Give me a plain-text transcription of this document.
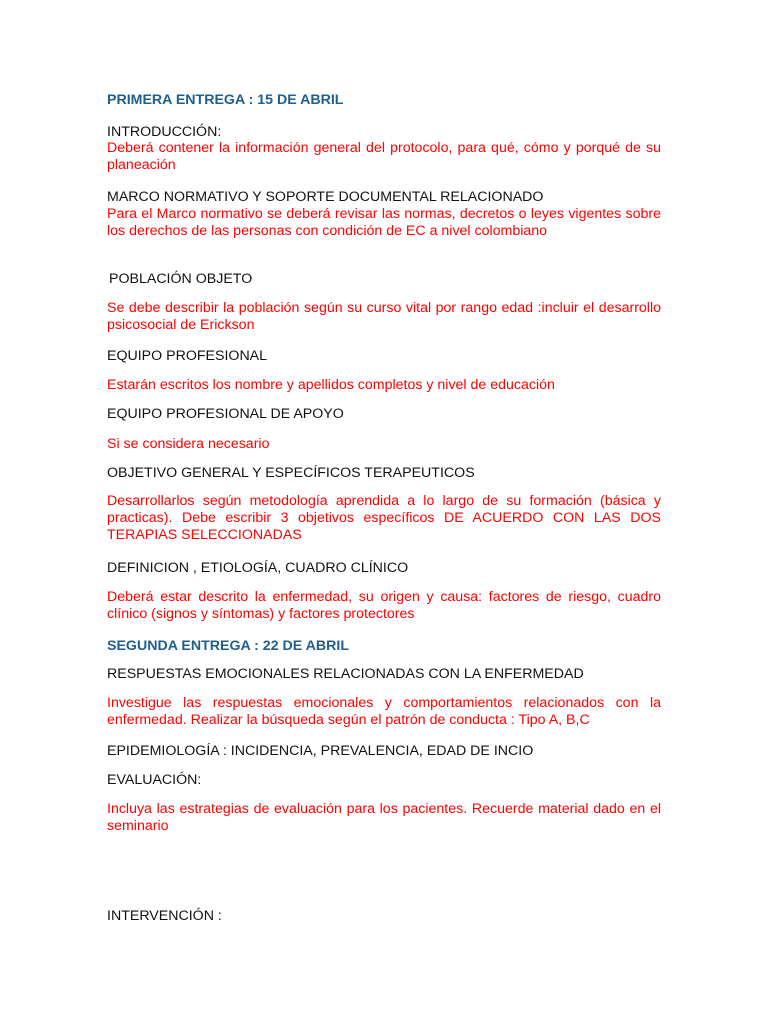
PRIMERA ENTREGA : 15 DE ABRIL

INTRODUCCIÓN:

Deberá contener la información general del protocolo, para qué, cómo y porqué de su planeación

MARCO NORMATIVO Y SOPORTE DOCUMENTAL RELACIONADO

Para el Marco normativo se deberá revisar las normas, decretos o leyes vigentes sobre los derechos de las personas con condición de EC a nivel colombiano

POBLACIÓN OBJETO

Se debe describir la población según su curso vital por rango edad :incluir el desarrollo psicosocial de Erickson

EQUIPO PROFESIONAL

Estarán escritos los nombre y apellidos completos y nivel de educación

EQUIPO PROFESIONAL DE APOYO

Si se considera necesario

OBJETIVO GENERAL Y ESPECÍFICOS TERAPEUTICOS

Desarrollarlos según metodología aprendida a lo largo de su formación (básica y practicas). Debe escribir 3 objetivos específicos DE ACUERDO CON LAS DOS TERAPIAS SELECCIONADAS

DEFINICION , ETIOLOGÍA, CUADRO CLÍNICO

Deberá estar descrito la enfermedad, su origen y causa: factores de riesgo, cuadro clínico (signos y síntomas) y factores protectores

SEGUNDA ENTREGA : 22 DE ABRIL

RESPUESTAS EMOCIONALES RELACIONADAS CON LA ENFERMEDAD

Investigue las respuestas emocionales y comportamientos relacionados con la enfermedad. Realizar la búsqueda según el patrón de conducta : Tipo A, B,C

EPIDEMIOLOGÍA : INCIDENCIA, PREVALENCIA, EDAD DE INCIO

EVALUACIÓN:

Incluya las estrategias de evaluación para los pacientes. Recuerde material dado en el seminario

INTERVENCIÓN :
